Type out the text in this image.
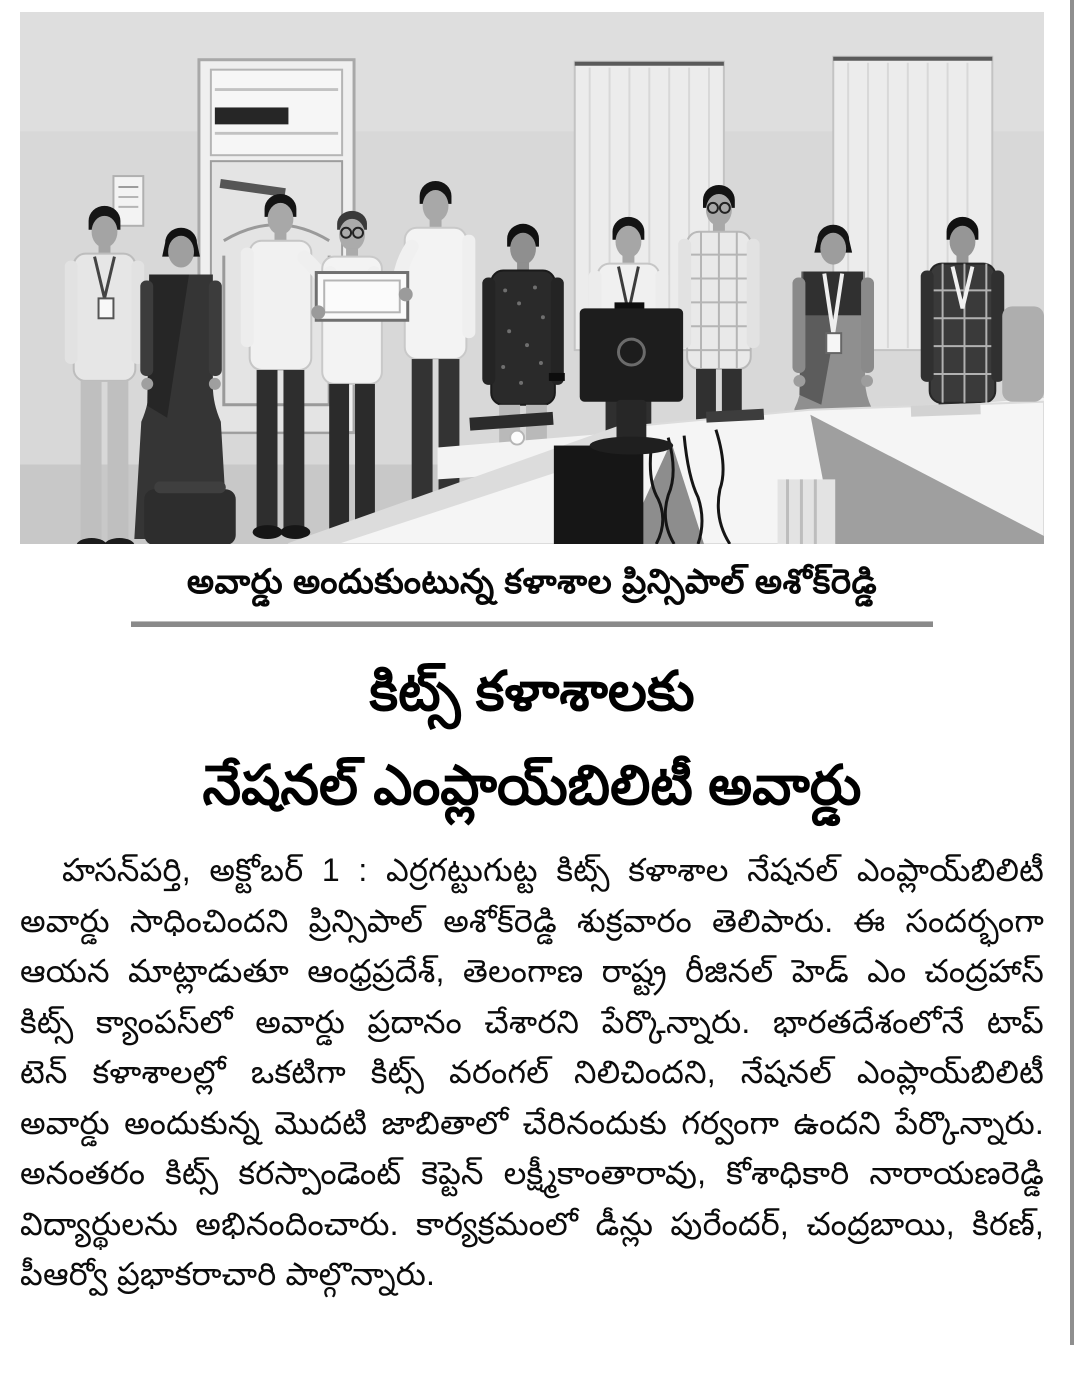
అవార్డు అందుకుంటున్న కళాశాల ప్రిన్సిపాల్ అశోక్‌రెడ్డి
కిట్స్ కళాశాలకు
నేషనల్ ఎంప్లాయ్‌బిలిటీ అవార్డు
హసన్‌పర్తి, అక్టోబర్ 1 : ఎర్రగట్టుగుట్ట కిట్స్ కళాశాల నేషనల్ ఎంప్లాయ్‌బిలిటీ
అవార్డు సాధించిందని ప్రిన్సిపాల్ అశోక్‌రెడ్డి శుక్రవారం తెలిపారు. ఈ సందర్భంగా
ఆయన మాట్లాడుతూ ఆంధ్రప్రదేశ్, తెలంగాణ రాష్ట్ర రీజినల్ హెడ్ ఎం చంద్రహాస్
కిట్స్ క్యాంపస్‌లో అవార్డు ప్రదానం చేశారని పేర్కొన్నారు. భారతదేశంలోనే టాప్
టెన్ కళాశాలల్లో ఒకటిగా కిట్స్ వరంగల్ నిలిచిందని, నేషనల్ ఎంప్లాయ్‌బిలిటీ
అవార్డు అందుకున్న మొదటి జాబితాలో చేరినందుకు గర్వంగా ఉందని పేర్కొన్నారు.
అనంతరం కిట్స్ కరస్పాండెంట్ కెప్టెన్ లక్ష్మీకాంతారావు, కోశాధికారి నారాయణరెడ్డి
విద్యార్థులను అభినందించారు. కార్యక్రమంలో డీన్లు పురేందర్, చంద్రబాయి, కిరణ్,
పీఆర్వో ప్రభాకరాచారి పాల్గొన్నారు.
